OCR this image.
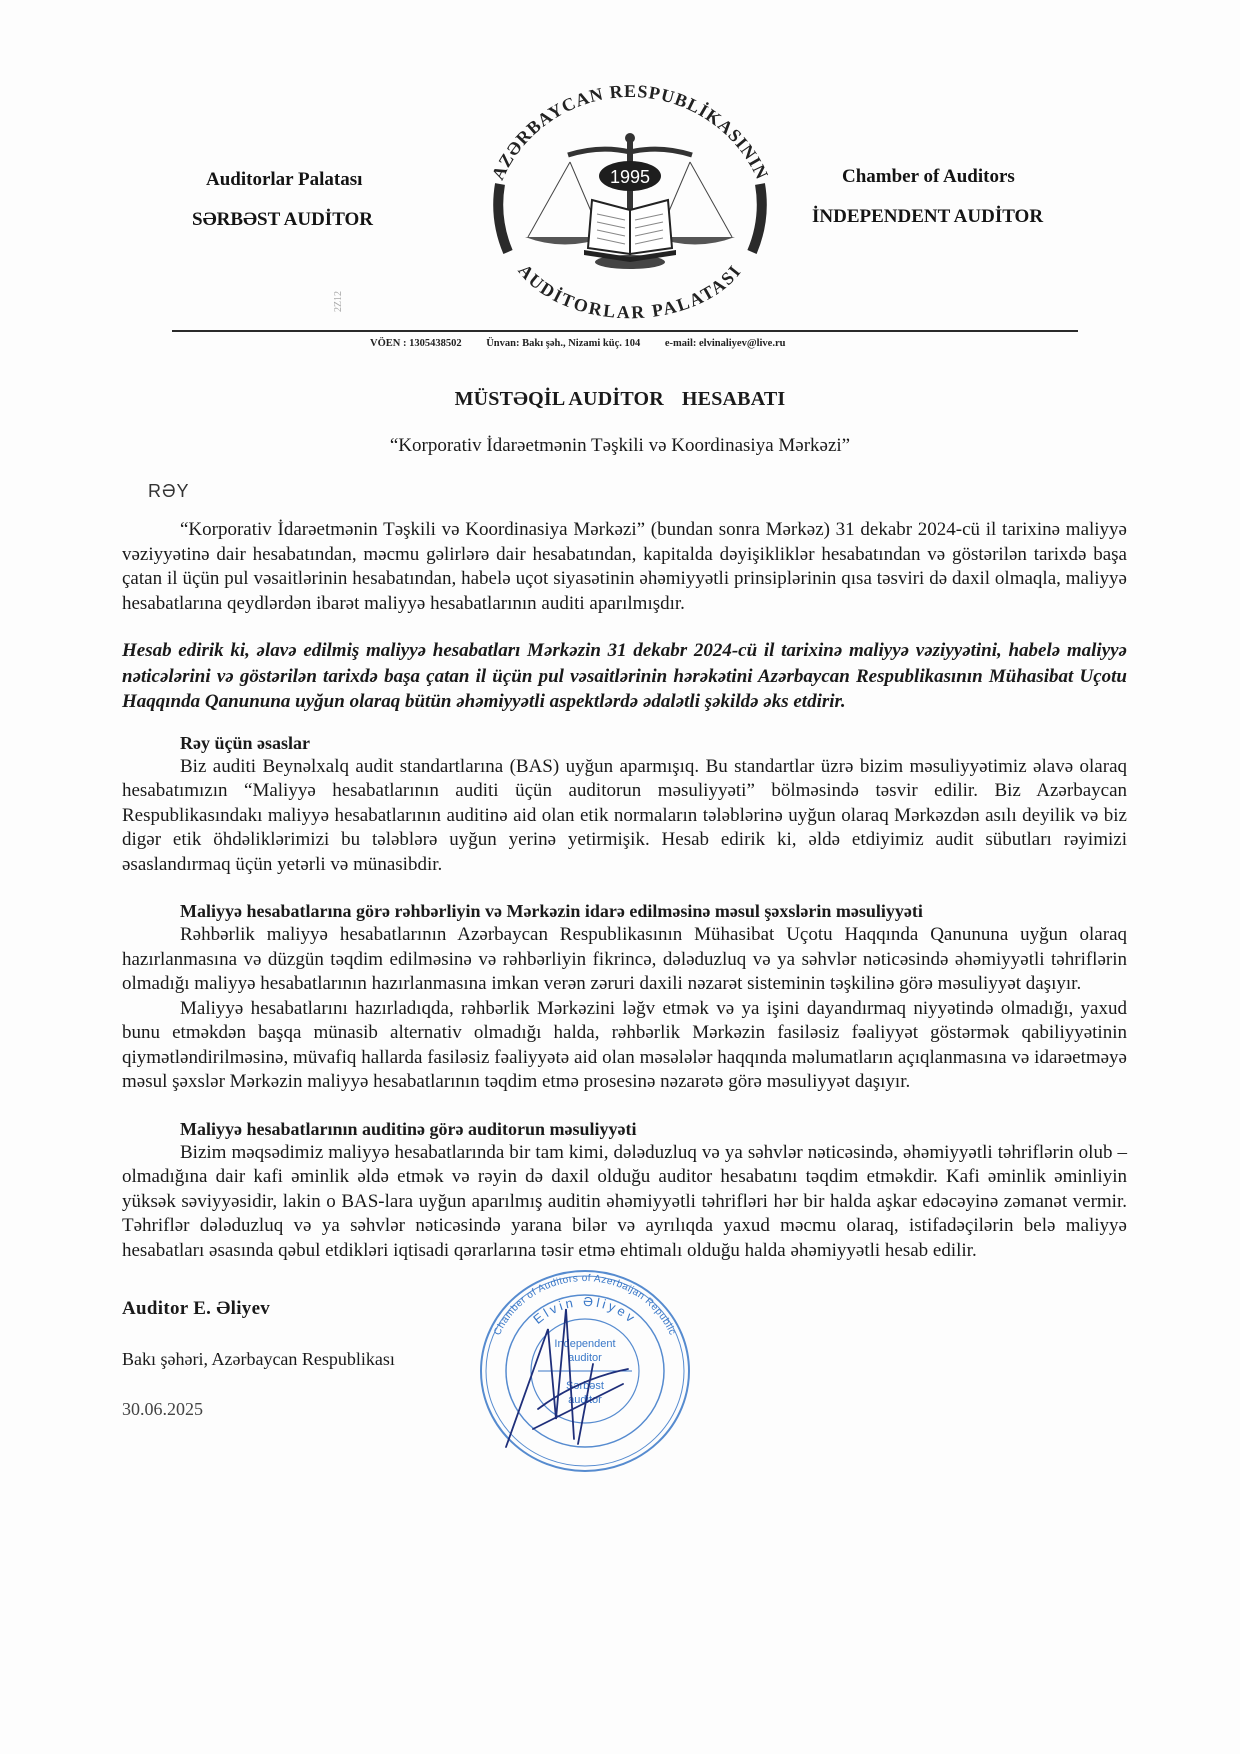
Auditorlar Palatası
SƏRBƏST AUDİTOR
AZƏRBAYCAN RESPUBLİKASININ
AUDİTORLAR PALATASI
1995	Chamber of Auditors
İNDEPENDENT AUDİTOR
2Z12
VÖEN : 1305438502 Ünvan: Bakı şəh., Nizami küç. 104 e-mail: elvinaliyev@live.ru
MÜSTƏQİL AUDİTOR HESABATI
“Korporativ İdarəetmənin Təşkili və Koordinasiya Mərkəzi”
RƏY
“Korporativ İdarəetmənin Təşkili və Koordinasiya Mərkəzi” (bundan sonra Mərkəz) 31 dekabr 2024-cü il tarixinə maliyyə vəziyyətinə dair hesabatından, məcmu gəlirlərə dair hesabatından, kapitalda dəyişikliklər hesabatından və göstərilən tarixdə başa çatan il üçün pul vəsaitlərinin hesabatından, habelə uçot siyasətinin əhəmiyyətli prinsiplərinin qısa təsviri də daxil olmaqla, maliyyə hesabatlarına qeydlərdən ibarət maliyyə hesabatlarının auditi aparılmışdır.
Hesab edirik ki, əlavə edilmiş maliyyə hesabatları Mərkəzin 31 dekabr 2024-cü il tarixinə maliyyə vəziyyətini, habelə maliyyə nəticələrini və göstərilən tarixdə başa çatan il üçün pul vəsaitlərinin hərəkətini Azərbaycan Respublikasının Mühasibat Uçotu Haqqında Qanununa uyğun olaraq bütün əhəmiyyətli aspektlərdə ədalətli şəkildə əks etdirir.
Rəy üçün əsaslar
Biz auditi Beynəlxalq audit standartlarına (BAS) uyğun aparmışıq. Bu standartlar üzrə bizim məsuliyyətimiz əlavə olaraq hesabatımızın “Maliyyə hesabatlarının auditi üçün auditorun məsuliyyəti” bölməsində təsvir edilir. Biz Azərbaycan Respublikasındakı maliyyə hesabatlarının auditinə aid olan etik normaların tələblərinə uyğun olaraq Mərkəzdən asılı deyilik və biz digər etik öhdəliklərimizi bu tələblərə uyğun yerinə yetirmişik. Hesab edirik ki, əldə etdiyimiz audit sübutları rəyimizi əsaslandırmaq üçün yetərli və münasibdir.
Maliyyə hesabatlarına görə rəhbərliyin və Mərkəzin idarə edilməsinə məsul şəxslərin məsuliyyəti
Rəhbərlik maliyyə hesabatlarının Azərbaycan Respublikasının Mühasibat Uçotu Haqqında Qanununa uyğun olaraq hazırlanmasına və düzgün təqdim edilməsinə və rəhbərliyin fikrincə, dələduzluq və ya səhvlər nəticəsində əhəmiyyətli təhriflərin olmadığı maliyyə hesabatlarının hazırlanmasına imkan verən zəruri daxili nəzarət sisteminin təşkilinə görə məsuliyyət daşıyır.
Maliyyə hesabatlarını hazırladıqda, rəhbərlik Mərkəzini ləğv etmək və ya işini dayandırmaq niyyətində olmadığı, yaxud bunu etməkdən başqa münasib alternativ olmadığı halda, rəhbərlik Mərkəzin fasiləsiz fəaliyyət göstərmək qabiliyyətinin qiymətləndirilməsinə, müvafiq hallarda fasiləsiz fəaliyyətə aid olan məsələlər haqqında məlumatların açıqlanmasına və idarəetməyə məsul şəxslər Mərkəzin maliyyə hesabatlarının təqdim etmə prosesinə nəzarətə görə məsuliyyət daşıyır.
Maliyyə hesabatlarının auditinə görə auditorun məsuliyyəti
Bizim məqsədimiz maliyyə hesabatlarında bir tam kimi, dələduzluq və ya səhvlər nəticəsində, əhəmiyyətli təhriflərin olub – olmadığına dair kafi əminlik əldə etmək və rəyin də daxil olduğu auditor hesabatını təqdim etməkdir. Kafi əminlik əminliyin yüksək səviyyəsidir, lakin o BAS-lara uyğun aparılmış auditin əhəmiyyətli təhrifləri hər bir halda aşkar edəcəyinə zəmanət vermir. Təhriflər dələduzluq və ya səhvlər nəticəsində yarana bilər və ayrılıqda yaxud məcmu olaraq, istifadəçilərin belə maliyyə hesabatları əsasında qəbul etdikləri iqtisadi qərarlarına təsir etmə ehtimalı olduğu halda əhəmiyyətli hesab edilir.
Chamber of Auditors of Azerbaijan Republic
Elvin Əliyev
Independent
auditor
Sərbəst
auditor
Auditor E. Əliyev
Bakı şəhəri, Azərbaycan Respublikası
30.06.2025
